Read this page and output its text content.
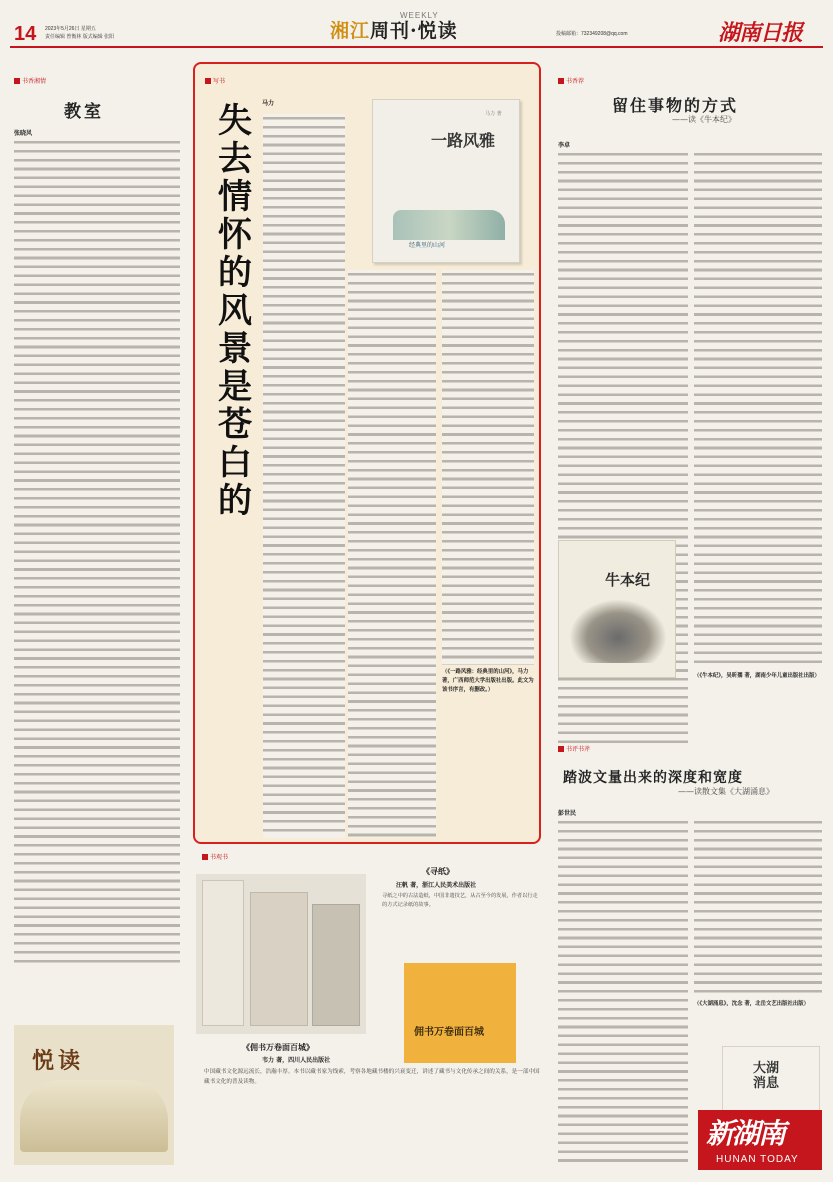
14 2023年5月26日 星期五
责任编辑 曾衡林 版式编辑 张阳
WEEKLY
湘江周刊·悦读	投稿邮箱：732349208@qq.com	湖南日报
书香湘情
教室
张晓风
悦读
写书
失去情怀的风景是苍白的
马力
马力 著
一路风雅
经典里的山河
（《一路风雅：经典里的山河》，马力 著，广西师范大学出版社出版。此文为该书序言，有删改。）
书香荐
留住事物的方式
——读《牛本纪》
李卓
牛本纪
（《牛本纪》，吴昕孺 著，湖南少年儿童出版社出版）
书评书斧
踏波文量出来的深度和宽度
——读散文集《大湖涌息》
彭世民
（《大湖涌息》，沈念 著，北岳文艺出版社出版）
大湖消息
新湖南
HUNAN TODAY
书观书
《寻纸》
汪帆 著，浙江人民美术出版社
寻纸之中的古法造纸，中国非遗技艺，从古至今的发展，作者以行走的方式记录纸的故事。
佣书万卷面百城
《佣书万卷面百城》
韦力 著，四川人民出版社
中国藏书文化源远流长，浩瀚丰厚。本书以藏书家为线索，考察各地藏书楼的兴衰变迁，讲述了藏书与文化传承之间的关系，是一部中国藏书文化的普及读物。
